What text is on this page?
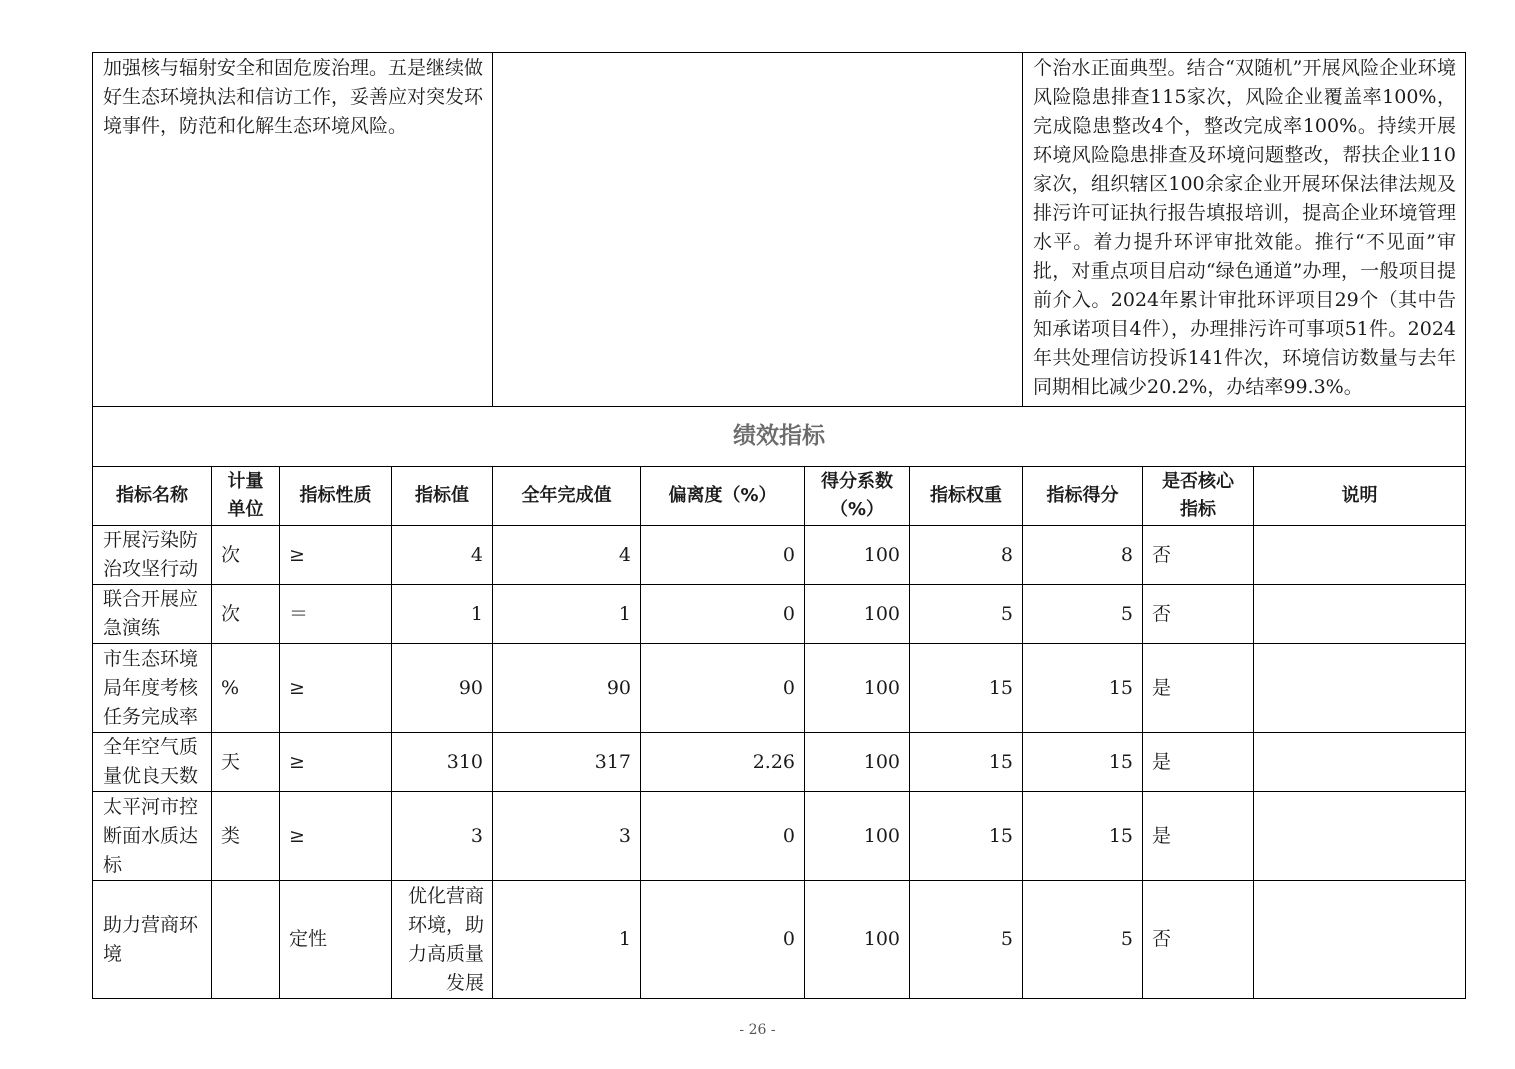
加强核与辐射安全和固危废治理。五是继续做好生态环境执法和信访工作，妥善应对突发环境事件，防范和化解生态环境风险。								个治水正面典型。结合“双随机”开展风险企业环境风险隐患排查115家次，风险企业覆盖率100%，完成隐患整改4个，整改完成率100%。持续开展环境风险隐患排查及环境问题整改，帮扶企业110家次，组织辖区100余家企业开展环保法律法规及排污许可证执行报告填报培训，提高企业环境管理水平。着力提升环评审批效能。推行“不见面”审批，对重点项目启动“绿色通道”办理，一般项目提前介入。2024年累计审批环评项目29个（其中告知承诺项目4件），办理排污许可事项51件。2024年共处理信访投诉141件次，环境信访数量与去年同期相比减少20.2%，办结率99.3%。		

绩效指标										
指标名称	计量单位	指标性质	指标值	全年完成值	偏离度（%）	得分系数（%）	指标权重	指标得分	是否核心指标	说明
开展污染防治攻坚行动	次	≥	4	4	0	100	8	8	否	
联合开展应急演练	次	＝	1	1	0	100	5	5	否	
市生态环境局年度考核任务完成率	%	≥	90	90	0	100	15	15	是	
全年空气质量优良天数	天	≥	310	317	2.26	100	15	15	是	
太平河市控断面水质达标	类	≥	3	3	0	100	15	15	是	
助力营商环境		定性	优化营商环境，助力高质量发展	1	0	100	5	5	否	
- 26 -
